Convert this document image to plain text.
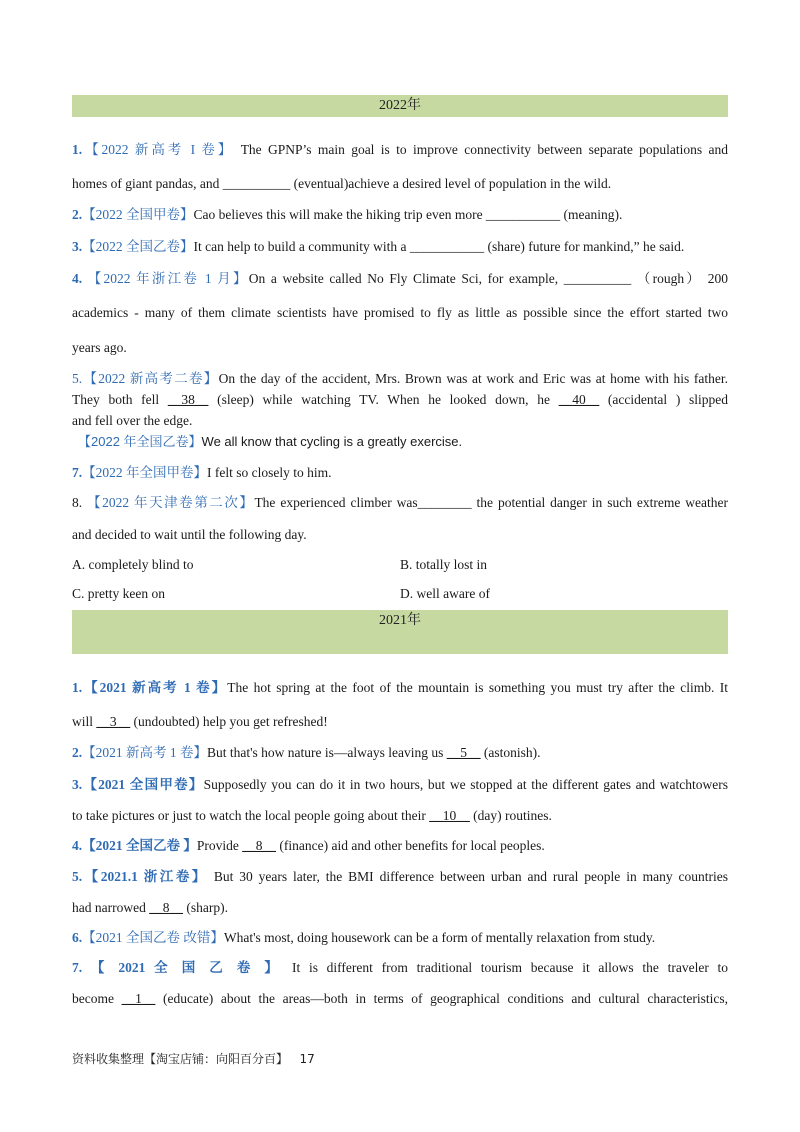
2022年
1.【2022 新高考 I 卷】 The GPNP’s main goal is to improve connectivity between separate populations and
homes of giant pandas, and __________ (eventual)achieve a desired level of population in the wild.
2.【2022 全国甲卷】Cao believes this will make the hiking trip even more ___________ (meaning).
3.【2022 全国乙卷】It can help to build a community with a ___________ (share) future for mankind,” he said.
4. 【2022 年浙江卷 1 月】On a website called No Fly Climate Sci, for example, __________ （rough） 200
academics - many of them climate scientists have promised to fly as little as possible since the effort started two
years ago.
5.【2022 新高考二卷】On the day of the accident, Mrs. Brown was at work and Eric was at home with his father.
They both fell __38__ (sleep) while watching TV. When he looked down, he __40__ (accidental ) slipped
and fell over the edge.
【2022 年全国乙卷】We all know that cycling is a greatly exercise.
7.【2022 年全国甲卷】I felt so closely to him.
8. 【2022 年天津卷第二次】The experienced climber was________ the potential danger in such extreme weather
and decided to wait until the following day.
A. completely blind to	B. totally lost in
C. pretty keen on	D. well aware of
2021年
1.【2021 新高考 1 卷】The hot spring at the foot of the mountain is something you must try after the climb. It
will __3__ (undoubted) help you get refreshed!
2.【2021 新高考 1 卷】But that's how nature is—always leaving us __5__ (astonish).
3.【2021 全国甲卷】Supposedly you can do it in two hours, but we stopped at the different gates and watchtowers
to take pictures or just to watch the local people going about their __10__ (day) routines.
4.【2021 全国乙卷 】Provide __8__ (finance) aid and other benefits for local peoples.
5.【2021.1 浙江卷】 But 30 years later, the BMI difference between urban and rural people in many countries
had narrowed __8__ (sharp).
6.【2021 全国乙卷 改错】What's most, doing housework can be a form of mentally relaxation from study.
7. 【 2021 全 国 乙 卷 】 It is different from traditional tourism because it allows the traveler to
become __1__ (educate) about the areas—both in terms of geographical conditions and cultural characteristics,
资料收集整理【淘宝店铺：向阳百分百】 17
